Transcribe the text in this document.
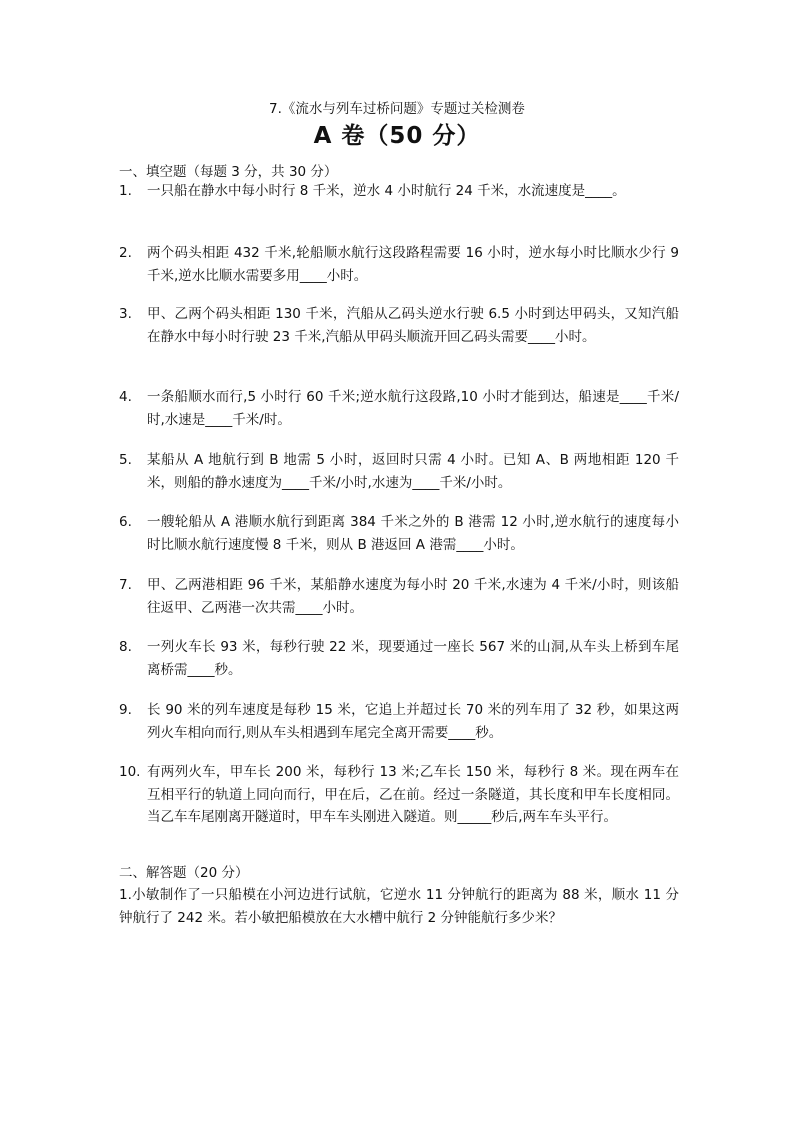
7.《流水与列车过桥问题》专题过关检测卷
A 卷（50 分）
一、填空题（每题 3 分，共 30 分）
1.	一只船在静水中每小时行 8 千米，逆水 4 小时航行 24 千米，水流速度是____。
2.	两个码头相距 432 千米,轮船顺水航行这段路程需要 16 小时，逆水每小时比顺水少行 9 千米,逆水比顺水需要多用____小时。
3.	甲、乙两个码头相距 130 千米，汽船从乙码头逆水行驶 6.5 小时到达甲码头，又知汽船在静水中每小时行驶 23 千米,汽船从甲码头顺流开回乙码头需要____小时。
4.	一条船顺水而行,5 小时行 60 千米;逆水航行这段路,10 小时才能到达，船速是____千米/时,水速是____千米/时。
5.	某船从 A 地航行到 B 地需 5 小时，返回时只需 4 小时。已知 A、B 两地相距 120 千米，则船的静水速度为____千米/小时,水速为____千米/小时。
6.	一艘轮船从 A 港顺水航行到距离 384 千米之外的 B 港需 12 小时,逆水航行的速度每小时比顺水航行速度慢 8 千米，则从 B 港返回 A 港需____小时。
7.	甲、乙两港相距 96 千米，某船静水速度为每小时 20 千米,水速为 4 千米/小时，则该船往返甲、乙两港一次共需____小时。
8.	一列火车长 93 米，每秒行驶 22 米，现要通过一座长 567 米的山洞,从车头上桥到车尾离桥需____秒。
9.	长 90 米的列车速度是每秒 15 米，它追上并超过长 70 米的列车用了 32 秒，如果这两列火车相向而行,则从车头相遇到车尾完全离开需要____秒。
10. 有两列火车，甲车长 200 米，每秒行 13 米;乙车长 150 米，每秒行 8 米。现在两车在互相平行的轨道上同向而行，甲在后，乙在前。经过一条隧道，其长度和甲车长度相同。当乙车车尾刚离开隧道时，甲车车头刚进入隧道。则_____秒后,两车车头平行。
二、解答题（20 分）
1.小敏制作了一只船模在小河边进行试航，它逆水 11 分钟航行的距离为 88 米，顺水 11 分钟航行了 242 米。若小敏把船模放在大水槽中航行 2 分钟能航行多少米？
